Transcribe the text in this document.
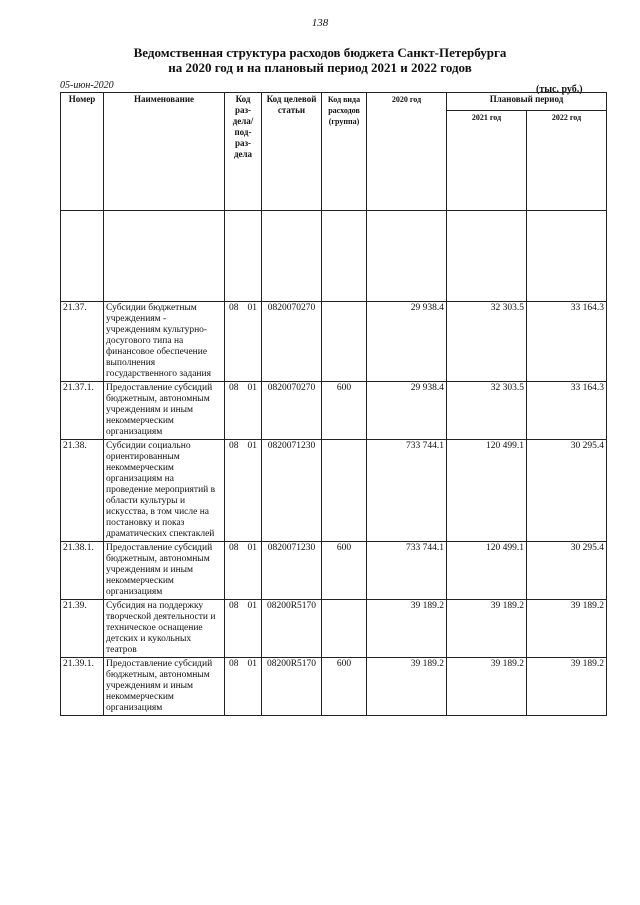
138
Ведомственная структура расходов бюджета Санкт-Петербурга
на 2020 год и на плановый период 2021 и 2022 годов
05-июн-2020	(тыс. руб.)
Номер	Наименование	Код раз-дела/ под-раз-дела	Код целевой статьи	Код вида расходов (группа)	2020 год	Плановый период	
						2021 год	2022 год

21.37.	Субсидии бюджетным учреждениям - учреждениям культурно-досугового типа на финансовое обеспечение выполнения государственного задания	08 01	0820070270		29 938.4	32 303.5	33 164.3
21.37.1.	Предоставление субсидий бюджетным, автономным учреждениям и иным некоммерческим организациям	08 01	0820070270	600	29 938.4	32 303.5	33 164.3
21.38.	Субсидии социально ориентированным некоммерческим организациям на проведение мероприятий в области культуры и искусства, в том числе на постановку и показ драматических спектаклей	08 01	0820071230		733 744.1	120 499.1	30 295.4
21.38.1.	Предоставление субсидий бюджетным, автономным учреждениям и иным некоммерческим организациям	08 01	0820071230	600	733 744.1	120 499.1	30 295.4
21.39.	Субсидия на поддержку творческой деятельности и техническое оснащение детских и кукольных театров	08 01	08200R5170		39 189.2	39 189.2	39 189.2
21.39.1.	Предоставление субсидий бюджетным, автономным учреждениям и иным некоммерческим организациям	08 01	08200R5170	600	39 189.2	39 189.2	39 189.2
